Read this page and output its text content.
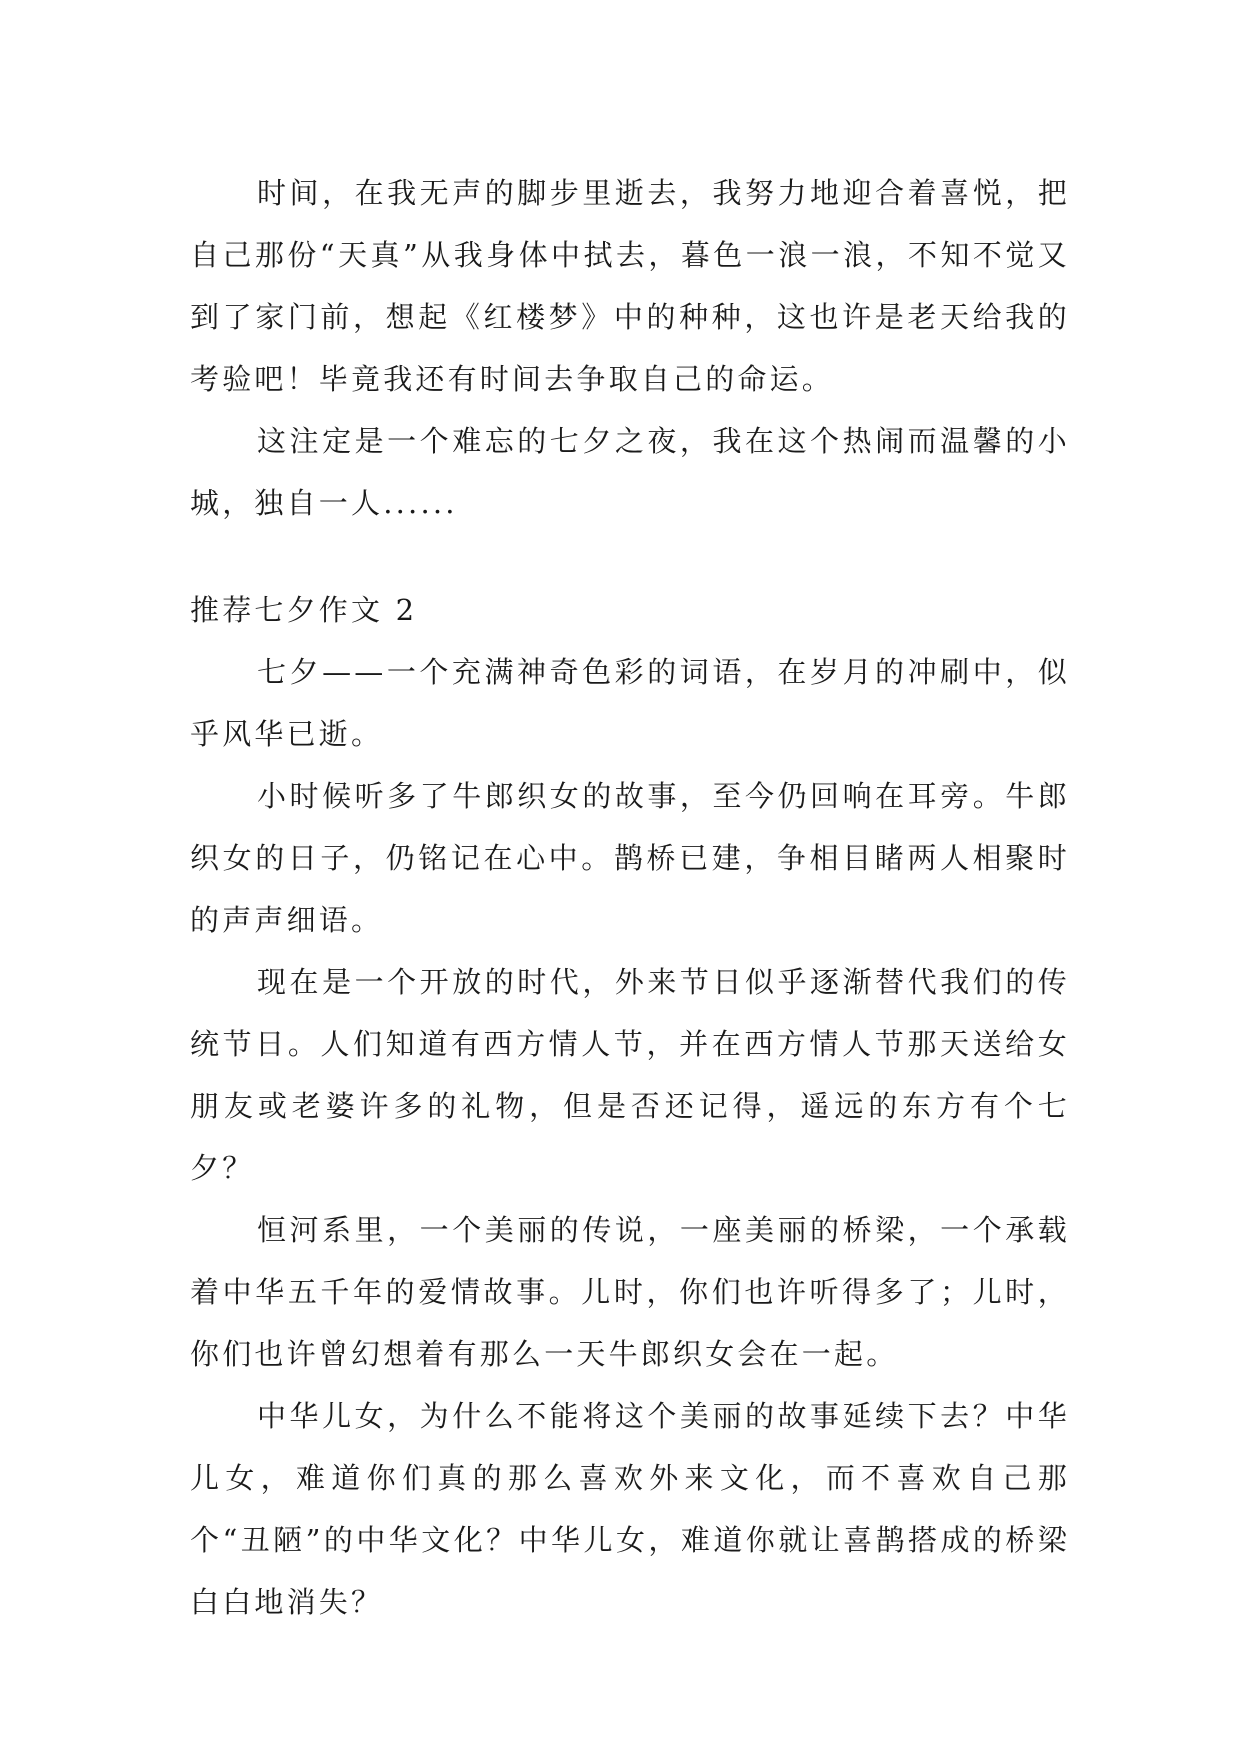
时间，在我无声的脚步里逝去，我努力地迎合着喜悦，把自己那份“天真”从我身体中拭去，暮色一浪一浪，不知不觉又到了家门前，想起《红楼梦》中的种种，这也许是老天给我的考验吧！毕竟我还有时间去争取自己的命运。

这注定是一个难忘的七夕之夜，我在这个热闹而温馨的小城，独自一人......

推荐七夕作文 2

七夕——一个充满神奇色彩的词语，在岁月的冲刷中，似乎风华已逝。

小时候听多了牛郎织女的故事，至今仍回响在耳旁。牛郎织女的日子，仍铭记在心中。鹊桥已建，争相目睹两人相聚时的声声细语。

现在是一个开放的时代，外来节日似乎逐渐替代我们的传统节日。人们知道有西方情人节，并在西方情人节那天送给女朋友或老婆许多的礼物，但是否还记得，遥远的东方有个七夕？

恒河系里，一个美丽的传说，一座美丽的桥梁，一个承载着中华五千年的爱情故事。儿时，你们也许听得多了；儿时，你们也许曾幻想着有那么一天牛郎织女会在一起。

中华儿女，为什么不能将这个美丽的故事延续下去？中华儿女，难道你们真的那么喜欢外来文化，而不喜欢自己那个“丑陋”的中华文化？中华儿女，难道你就让喜鹊搭成的桥梁白白地消失？
